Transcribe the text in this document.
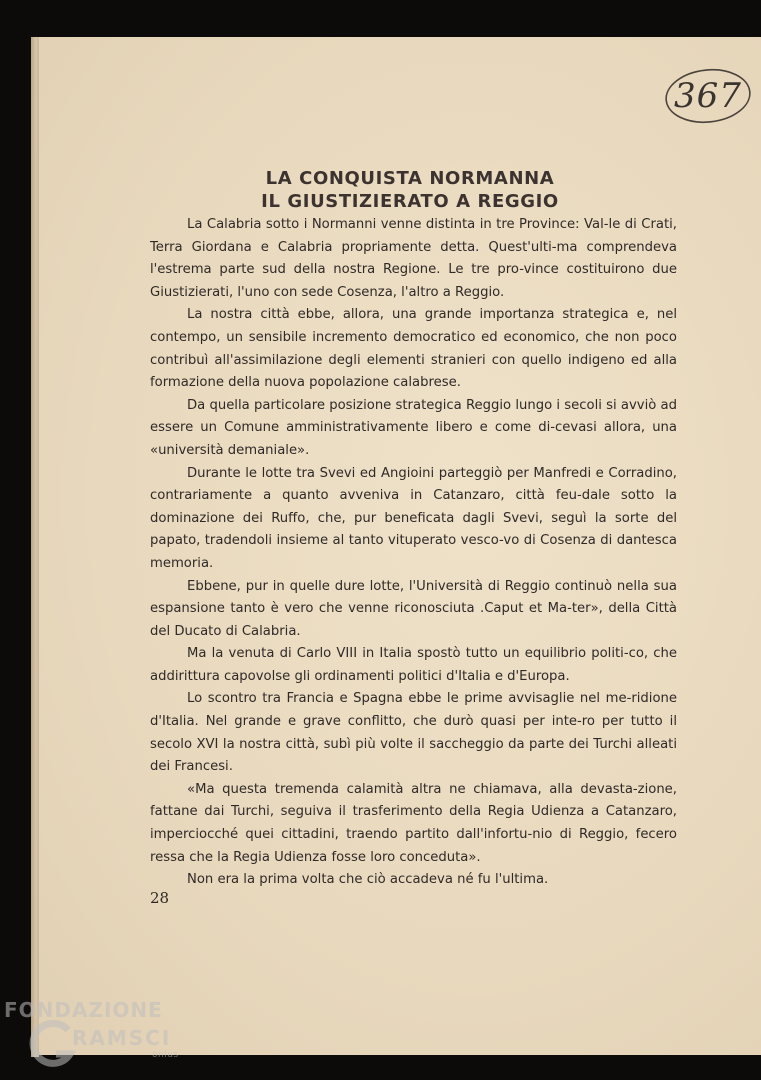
367
LA CONQUISTA NORMANNA
IL GIUSTIZIERATO A REGGIO

La Calabria sotto i Normanni venne distinta in tre Province: Val-le di Crati, Terra Giordana e Calabria propriamente detta. Quest'ulti-ma comprendeva l'estrema parte sud della nostra Regione. Le tre pro-vince costituirono due Giustizierati, l'uno con sede Cosenza, l'altro a Reggio.

La nostra città ebbe, allora, una grande importanza strategica e, nel contempo, un sensibile incremento democratico ed economico, che non poco contribuì all'assimilazione degli elementi stranieri con quello indigeno ed alla formazione della nuova popolazione calabrese.

Da quella particolare posizione strategica Reggio lungo i secoli si avviò ad essere un Comune amministrativamente libero e come di-cevasi allora, una «università demaniale».

Durante le lotte tra Svevi ed Angioini parteggiò per Manfredi e Corradino, contrariamente a quanto avveniva in Catanzaro, città feu-dale sotto la dominazione dei Ruffo, che, pur beneficata dagli Svevi, seguì la sorte del papato, tradendoli insieme al tanto vituperato vesco-vo di Cosenza di dantesca memoria.

Ebbene, pur in quelle dure lotte, l'Università di Reggio continuò nella sua espansione tanto è vero che venne riconosciuta .Caput et Ma-ter», della Città del Ducato di Calabria.

Ma la venuta di Carlo VIII in Italia spostò tutto un equilibrio politi-co, che addirittura capovolse gli ordinamenti politici d'Italia e d'Europa.

Lo scontro tra Francia e Spagna ebbe le prime avvisaglie nel me-ridione d'Italia. Nel grande e grave conflitto, che durò quasi per inte-ro per tutto il secolo XVI la nostra città, subì più volte il saccheggio da parte dei Turchi alleati dei Francesi.

«Ma questa tremenda calamità altra ne chiamava, alla devasta-zione, fattane dai Turchi, seguiva il trasferimento della Regia Udienza a Catanzaro, imperciocché quei cittadini, traendo partito dall'infortu-nio di Reggio, fecero ressa che la Regia Udienza fosse loro conceduta».

Non era la prima volta che ciò accadeva né fu l'ultima.

28
FONDAZIONE
RAMSCI
onlus
